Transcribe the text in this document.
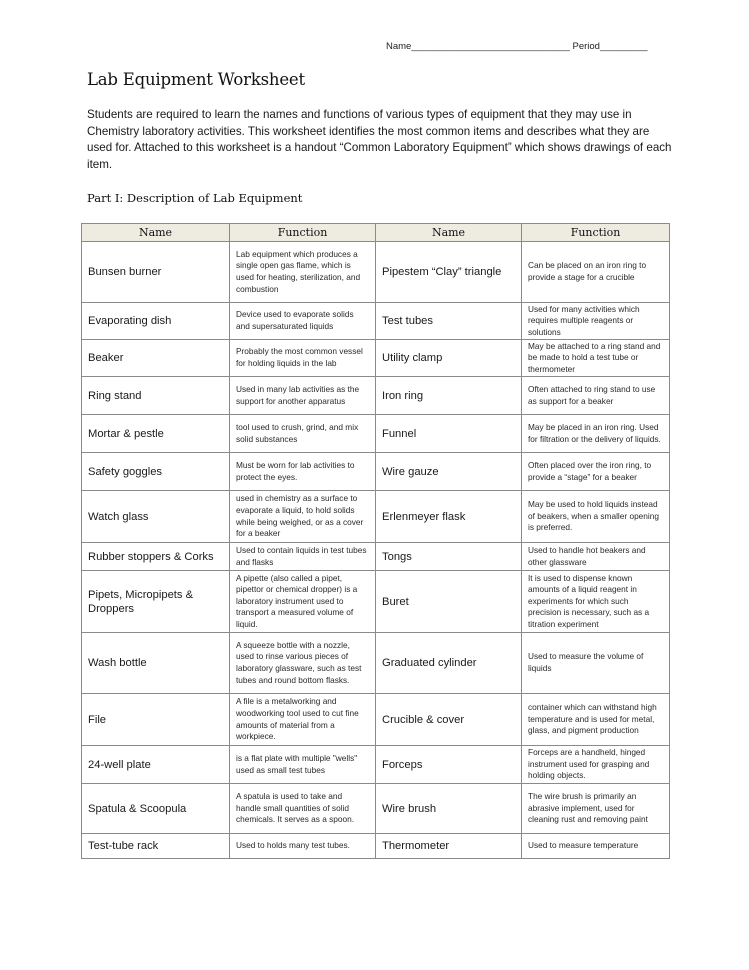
Name______________________________ Period_________
Lab Equipment Worksheet
Students are required to learn the names and functions of various types of equipment that they may use in Chemistry laboratory activities. This worksheet identifies the most common items and describes what they are used for. Attached to this worksheet is a handout “Common Laboratory Equipment” which shows drawings of each item.
Part I: Description of Lab Equipment
Name	Function	Name	Function
Bunsen burner	Lab equipment which produces a single open gas flame, which is used for heating, sterilization, and combustion	Pipestem “Clay” triangle	Can be placed on an iron ring to provide a stage for a crucible
Evaporating dish	Device used to evaporate solids and supersaturated liquids	Test tubes	Used for many activities which requires multiple reagents or solutions
Beaker	Probably the most common vessel for holding liquids in the lab	Utility clamp	May be attached to a ring stand and be made to hold a test tube or thermometer
Ring stand	Used in many lab activities as the support for another apparatus	Iron ring	Often attached to ring stand to use as support for a beaker
Mortar & pestle	tool used to crush, grind, and mix solid substances	Funnel	May be placed in an iron ring. Used for filtration or the delivery of liquids.
Safety goggles	Must be worn for lab activities to protect the eyes.	Wire gauze	Often placed over the iron ring, to provide a “stage” for a beaker
Watch glass	used in chemistry as a surface to evaporate a liquid, to hold solids while being weighed, or as a cover for a beaker	Erlenmeyer flask	May be used to hold liquids instead of beakers, when a smaller opening is preferred.
Rubber stoppers & Corks	Used to contain liquids in test tubes and flasks	Tongs	Used to handle hot beakers and other glassware
Pipets, Micropipets & Droppers	A pipette (also called a pipet, pipettor or chemical dropper) is a laboratory instrument used to transport a measured volume of liquid.	Buret	It is used to dispense known amounts of a liquid reagent in experiments for which such precision is necessary, such as a titration experiment
Wash bottle	A squeeze bottle with a nozzle, used to rinse various pieces of laboratory glassware, such as test tubes and round bottom flasks.	Graduated cylinder	Used to measure the volume of liquids
File	A file is a metalworking and woodworking tool used to cut fine amounts of material from a workpiece.	Crucible & cover	container which can withstand high temperature and is used for metal, glass, and pigment production
24-well plate	is a flat plate with multiple "wells" used as small test tubes	Forceps	Forceps are a handheld, hinged instrument used for grasping and holding objects.
Spatula & Scoopula	A spatula is used to take and handle small quantities of solid chemicals. It serves as a spoon.	Wire brush	The wire brush is primarily an abrasive implement, used for cleaning rust and removing paint
Test-tube rack	Used to holds many test tubes.	Thermometer	Used to measure temperature
